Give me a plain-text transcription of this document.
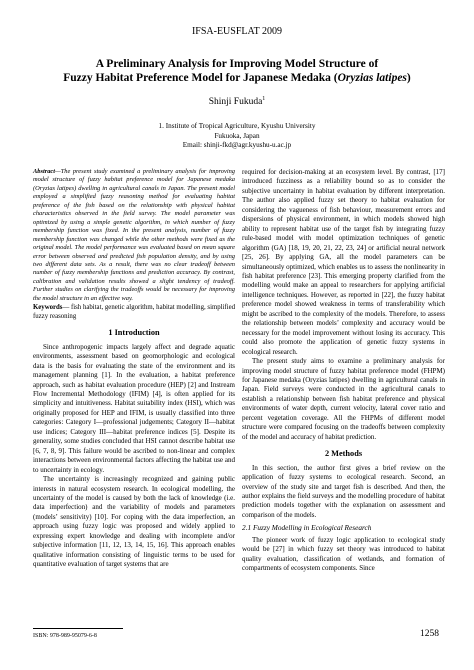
IFSA-EUSFLAT 2009
A Preliminary Analysis for Improving Model Structure of
Fuzzy Habitat Preference Model for Japanese Medaka (Oryzias latipes)
Shinji Fukuda$^1$
1. Institute of Tropical Agriculture, Kyushu University
Fukuoka, Japan
Email: shinji-fkd@agr.kyushu-u.ac.jp

Abstract—The present study examined a preliminary analysis for improving model structure of fuzzy habitat preference model for Japanese medaka (Oryzias latipes) dwelling in agricultural canals in Japan. The present model employed a simplified fuzzy reasoning method for evaluating habitat preference of the fish based on the relationship with physical habitat characteristics observed in the field survey. The model parameter was optimized by using a simple genetic algorithm, in which number of fuzzy membership function was fixed. In the present analysis, number of fuzzy membership function was changed while the other methods were fixed as the original model. The model performance was evaluated based on mean square error between observed and predicted fish population density, and by using two different data sets. As a result, there was no clear tradeoff between number of fuzzy membership functions and prediction accuracy. By contrast, calibration and validation results showed a slight tendency of tradeoff. Further studies on clarifying the tradeoffs would be necessary for improving the model structure in an effective way.

Keywords— fish habitat, genetic algorithm, habitat modelling, simplified fuzzy reasoning

1 Introduction

Since anthropogenic impacts largely affect and degrade aquatic environments, assessment based on geomorphologic and ecological data is the basis for evaluating the state of the environment and its management planning [1]. In the evaluation, a habitat preference approach, such as habitat evaluation procedure (HEP) [2] and Instream Flow Incremental Methodology (IFIM) [4], is often applied for its simplicity and intuitiveness. Habitat suitability index (HSI), which was originally proposed for HEP and IFIM, is usually classified into three categories: Category I—professional judgements; Category II—habitat use indices; Category III—habitat preference indices [5]. Despite its generality, some studies concluded that HSI cannot describe habitat use [6, 7, 8, 9]. This failure would be ascribed to non-linear and complex interactions between environmental factors affecting the habitat use and to uncertainty in ecology.

The uncertainty is increasingly recognized and gaining public interests in natural ecosystem research. In ecological modelling, the uncertainty of the model is caused by both the lack of knowledge (i.e. data imperfection) and the variability of models and parameters (models’ sensitivity) [10]. For coping with the data imperfection, an approach using fuzzy logic was proposed and widely applied to expressing expert knowledge and dealing with incomplete and/or subjective information [11, 12, 13, 14, 15, 16]. This approach enables qualitative information consisting of linguistic terms to be used for quantitative evaluation of target systems that are

required for decision-making at an ecosystem level. By contrast, [17] introduced fuzziness as a reliability bound so as to consider the subjective uncertainty in habitat evaluation by different interpretation. The author also applied fuzzy set theory to habitat evaluation for considering the vagueness of fish behaviour, measurement errors and dispersions of physical environment, in which models showed high ability to represent habitat use of the target fish by integrating fuzzy rule-based model with model optimization techniques of genetic algorithm (GA) [18, 19, 20, 21, 22, 23, 24] or artificial neural network [25, 26]. By applying GA, all the model parameters can be simultaneously optimized, which enables us to assess the nonlinearity in fish habitat preference [23]. This emerging property clarified from the modelling would make an appeal to researchers for applying artificial intelligence techniques. However, as reported in [22], the fuzzy habitat preference model showed weakness in terms of transferability which might be ascribed to the complexity of the models. Therefore, to assess the relationship between models’ complexity and accuracy would be necessary for the model improvement without losing its accuracy. This could also promote the application of genetic fuzzy systems in ecological research.

The present study aims to examine a preliminary analysis for improving model structure of fuzzy habitat preference model (FHPM) for Japanese medaka (Oryzias latipes) dwelling in agricultural canals in Japan. Field surveys were conducted in the agricultural canals to establish a relationship between fish habitat preference and physical environments of water depth, current velocity, lateral cover ratio and percent vegetation coverage. All the FHPMs of different model structure were compared focusing on the tradeoffs between complexity of the model and accuracy of habitat prediction.

2 Methods

In this section, the author first gives a brief review on the application of fuzzy systems to ecological research. Second, an overview of the study site and target fish is described. And then, the author explains the field surveys and the modelling procedure of habitat prediction models together with the explanation on assessment and comparison of the models.

2.1 Fuzzy Modelling in Ecological Research

The pioneer work of fuzzy logic application to ecological study would be [27] in which fuzzy set theory was introduced to habitat quality evaluation, classification of wetlands, and formation of compartments of ecosystem components. Since

ISBN: 978-989-95079-6-8	1258
